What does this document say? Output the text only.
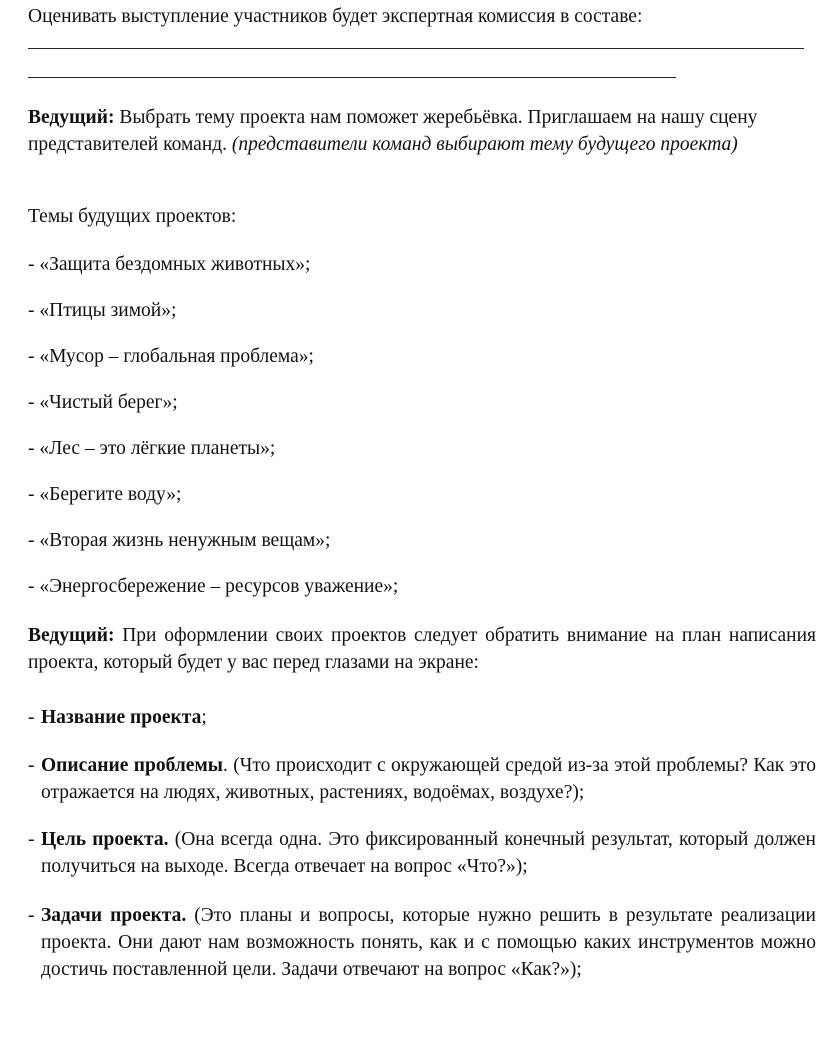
Оценивать выступление участников будет экспертная комиссия в составе:
Ведущий: Выбрать тему проекта нам поможет жеребьёвка. Приглашаем на нашу сцену представителей команд. (представители команд выбирают тему будущего проекта)
Темы будущих проектов:
- «Защита бездомных животных»;
- «Птицы зимой»;
- «Мусор – глобальная проблема»;
- «Чистый берег»;
- «Лес – это лёгкие планеты»;
- «Берегите воду»;
- «Вторая жизнь ненужным вещам»;
- «Энергосбережение – ресурсов уважение»;
Ведущий: При оформлении своих проектов следует обратить внимание на план написания проекта, который будет у вас перед глазами на экране:
- Название проекта;
- Описание проблемы. (Что происходит с окружающей средой из-за этой проблемы? Как это отражается на людях, животных, растениях, водоёмах, воздухе?);
- Цель проекта. (Она всегда одна. Это фиксированный конечный результат, который должен получиться на выходе. Всегда отвечает на вопрос «Что?»);
- Задачи проекта. (Это планы и вопросы, которые нужно решить в результате реализации проекта. Они дают нам возможность понять, как и с помощью каких инструментов можно достичь поставленной цели. Задачи отвечают на вопрос «Как?»);
